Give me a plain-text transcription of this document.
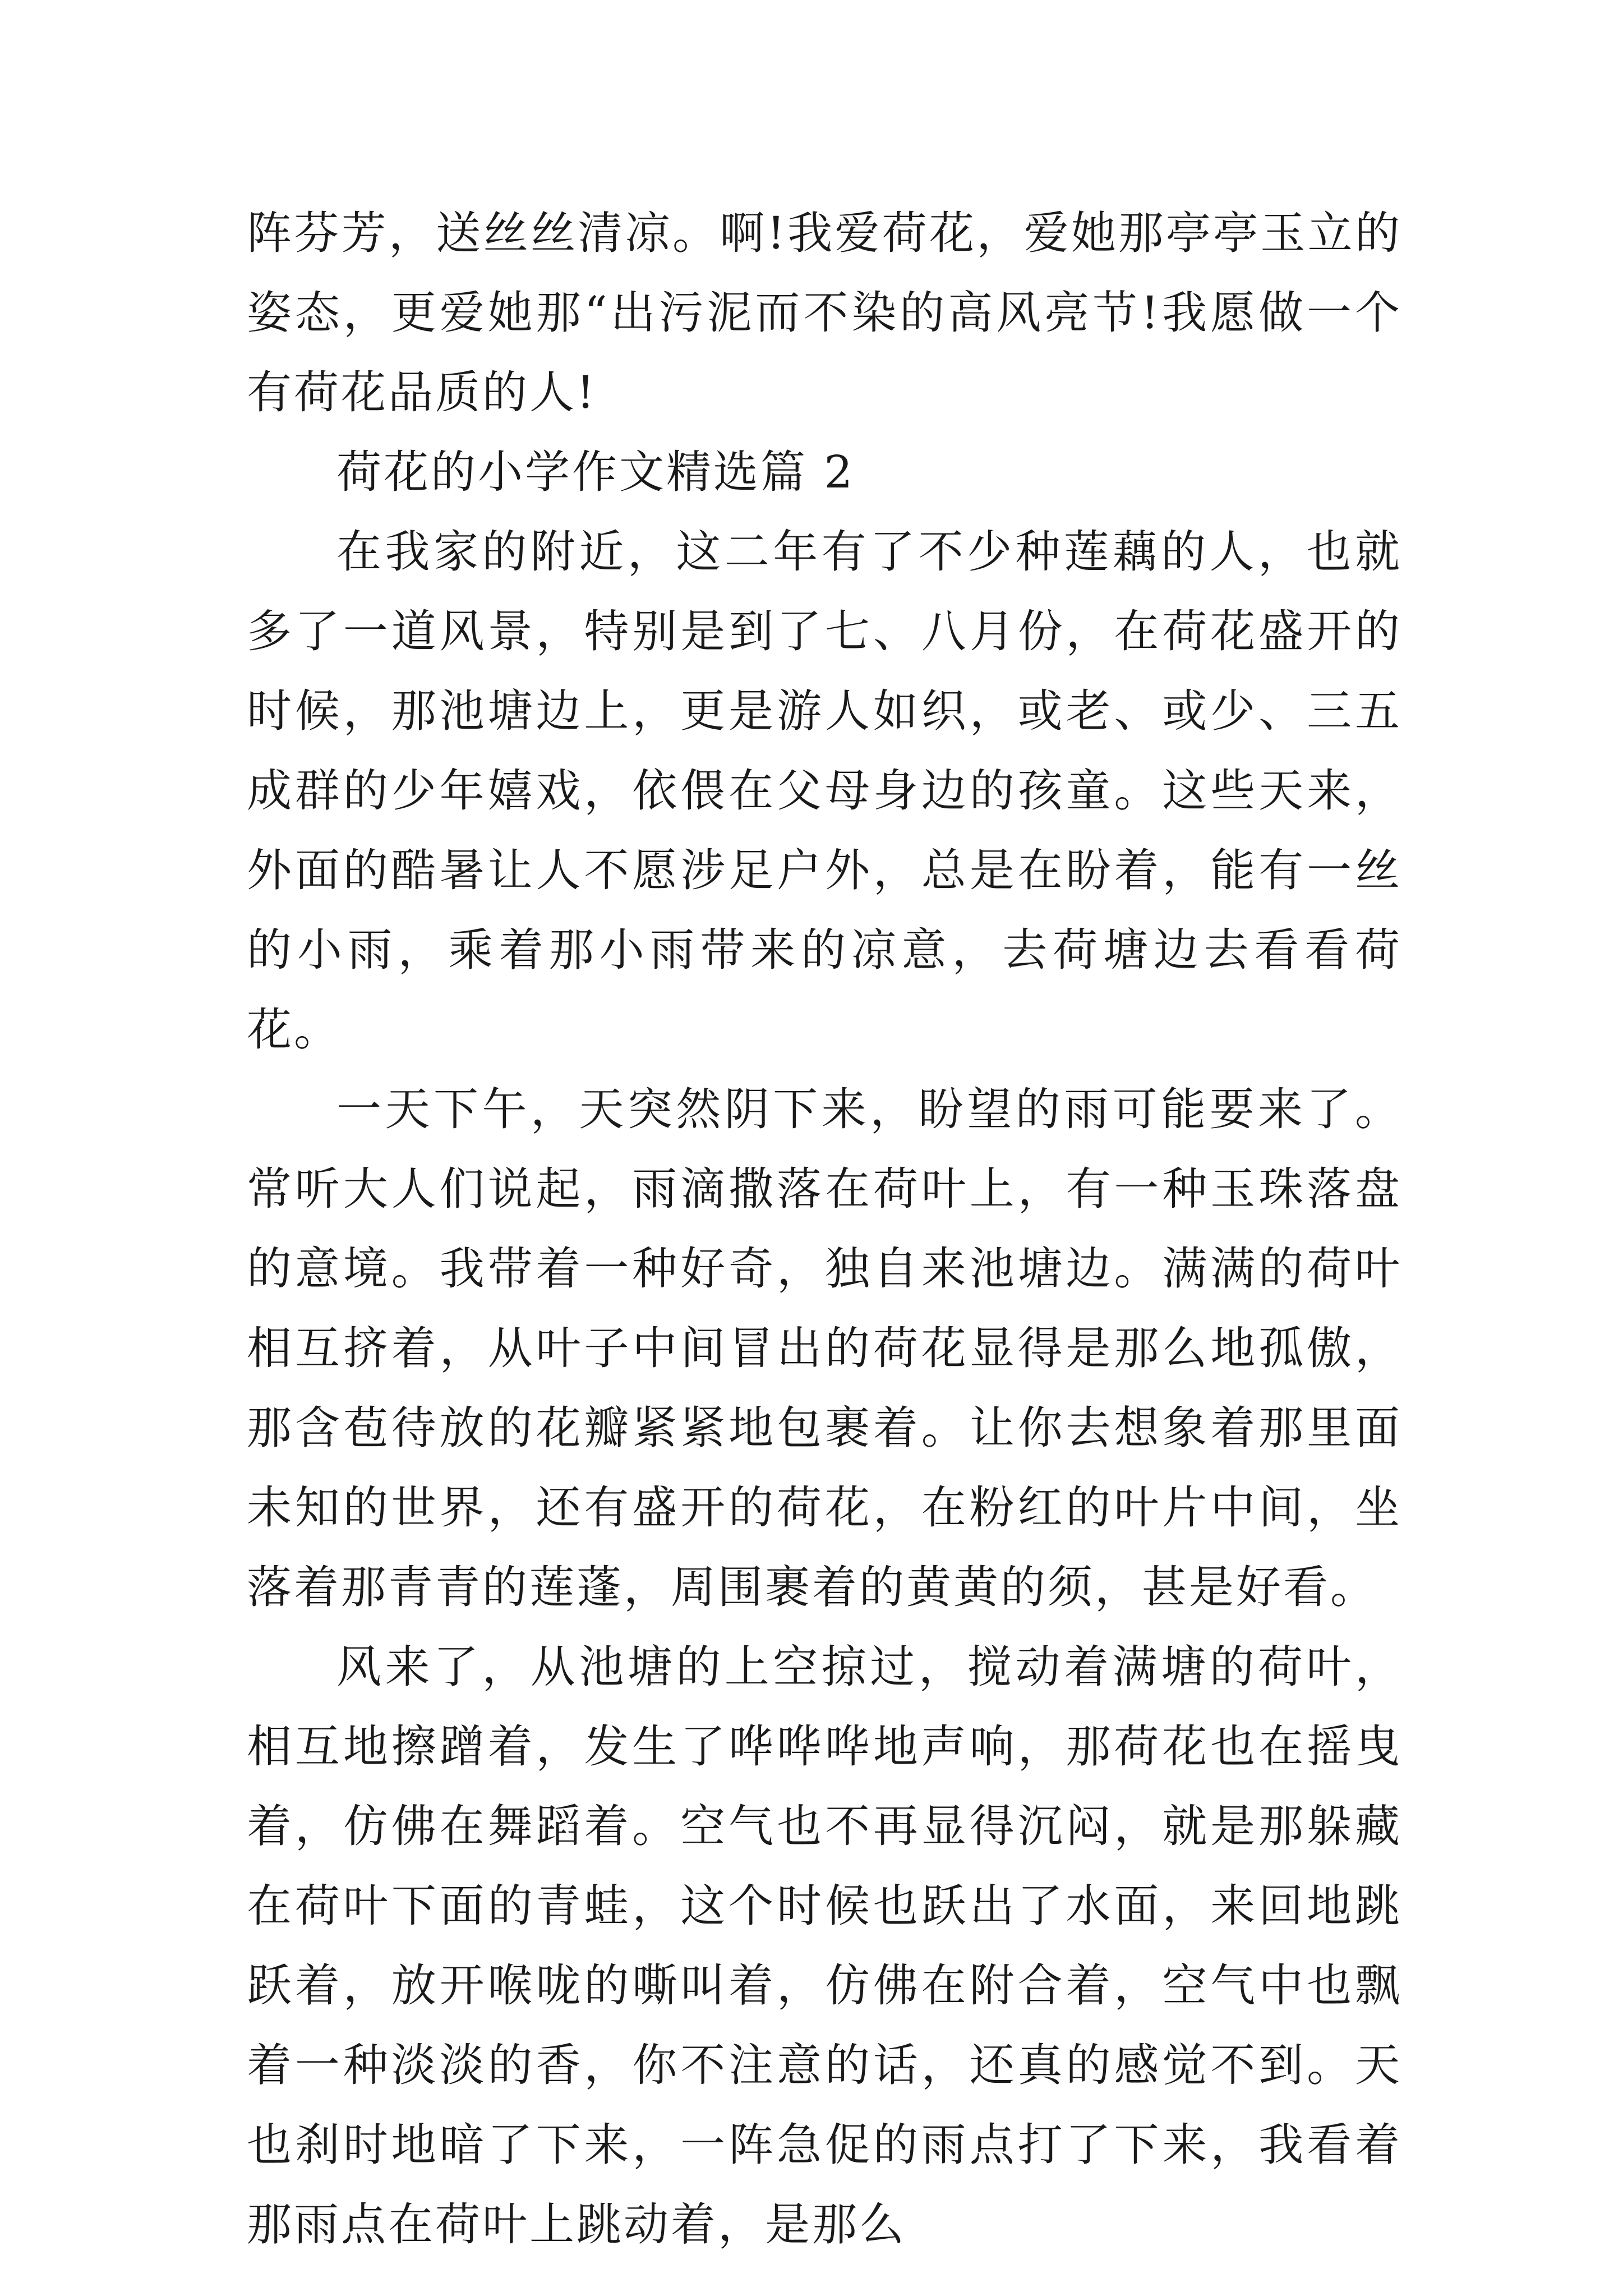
阵芬芳，送丝丝清凉。啊!我爱荷花，爱她那亭亭玉立的姿态，更爱她那“出污泥而不染的高风亮节!我愿做一个有荷花品质的人!

荷花的小学作文精选篇 2

在我家的附近，这二年有了不少种莲藕的人，也就多了一道风景，特别是到了七、八月份，在荷花盛开的时候，那池塘边上，更是游人如织，或老、或少、三五成群的少年嬉戏，依偎在父母身边的孩童。这些天来，外面的酷暑让人不愿涉足户外，总是在盼着，能有一丝的小雨，乘着那小雨带来的凉意，去荷塘边去看看荷花。

一天下午，天突然阴下来，盼望的雨可能要来了。常听大人们说起，雨滴撒落在荷叶上，有一种玉珠落盘的意境。我带着一种好奇，独自来池塘边。满满的荷叶相互挤着，从叶子中间冒出的荷花显得是那么地孤傲，那含苞待放的花瓣紧紧地包裹着。让你去想象着那里面未知的世界，还有盛开的荷花，在粉红的叶片中间，坐落着那青青的莲蓬，周围裹着的黄黄的须，甚是好看。

风来了，从池塘的上空掠过，搅动着满塘的荷叶，相互地擦蹭着，发生了哗哗哗地声响，那荷花也在摇曳着，仿佛在舞蹈着。空气也不再显得沉闷，就是那躲藏在荷叶下面的青蛙，这个时候也跃出了水面，来回地跳跃着，放开喉咙的嘶叫着，仿佛在附合着，空气中也飘着一种淡淡的香，你不注意的话，还真的感觉不到。天也刹时地暗了下来，一阵急促的雨点打了下来，我看着那雨点在荷叶上跳动着，是那么
